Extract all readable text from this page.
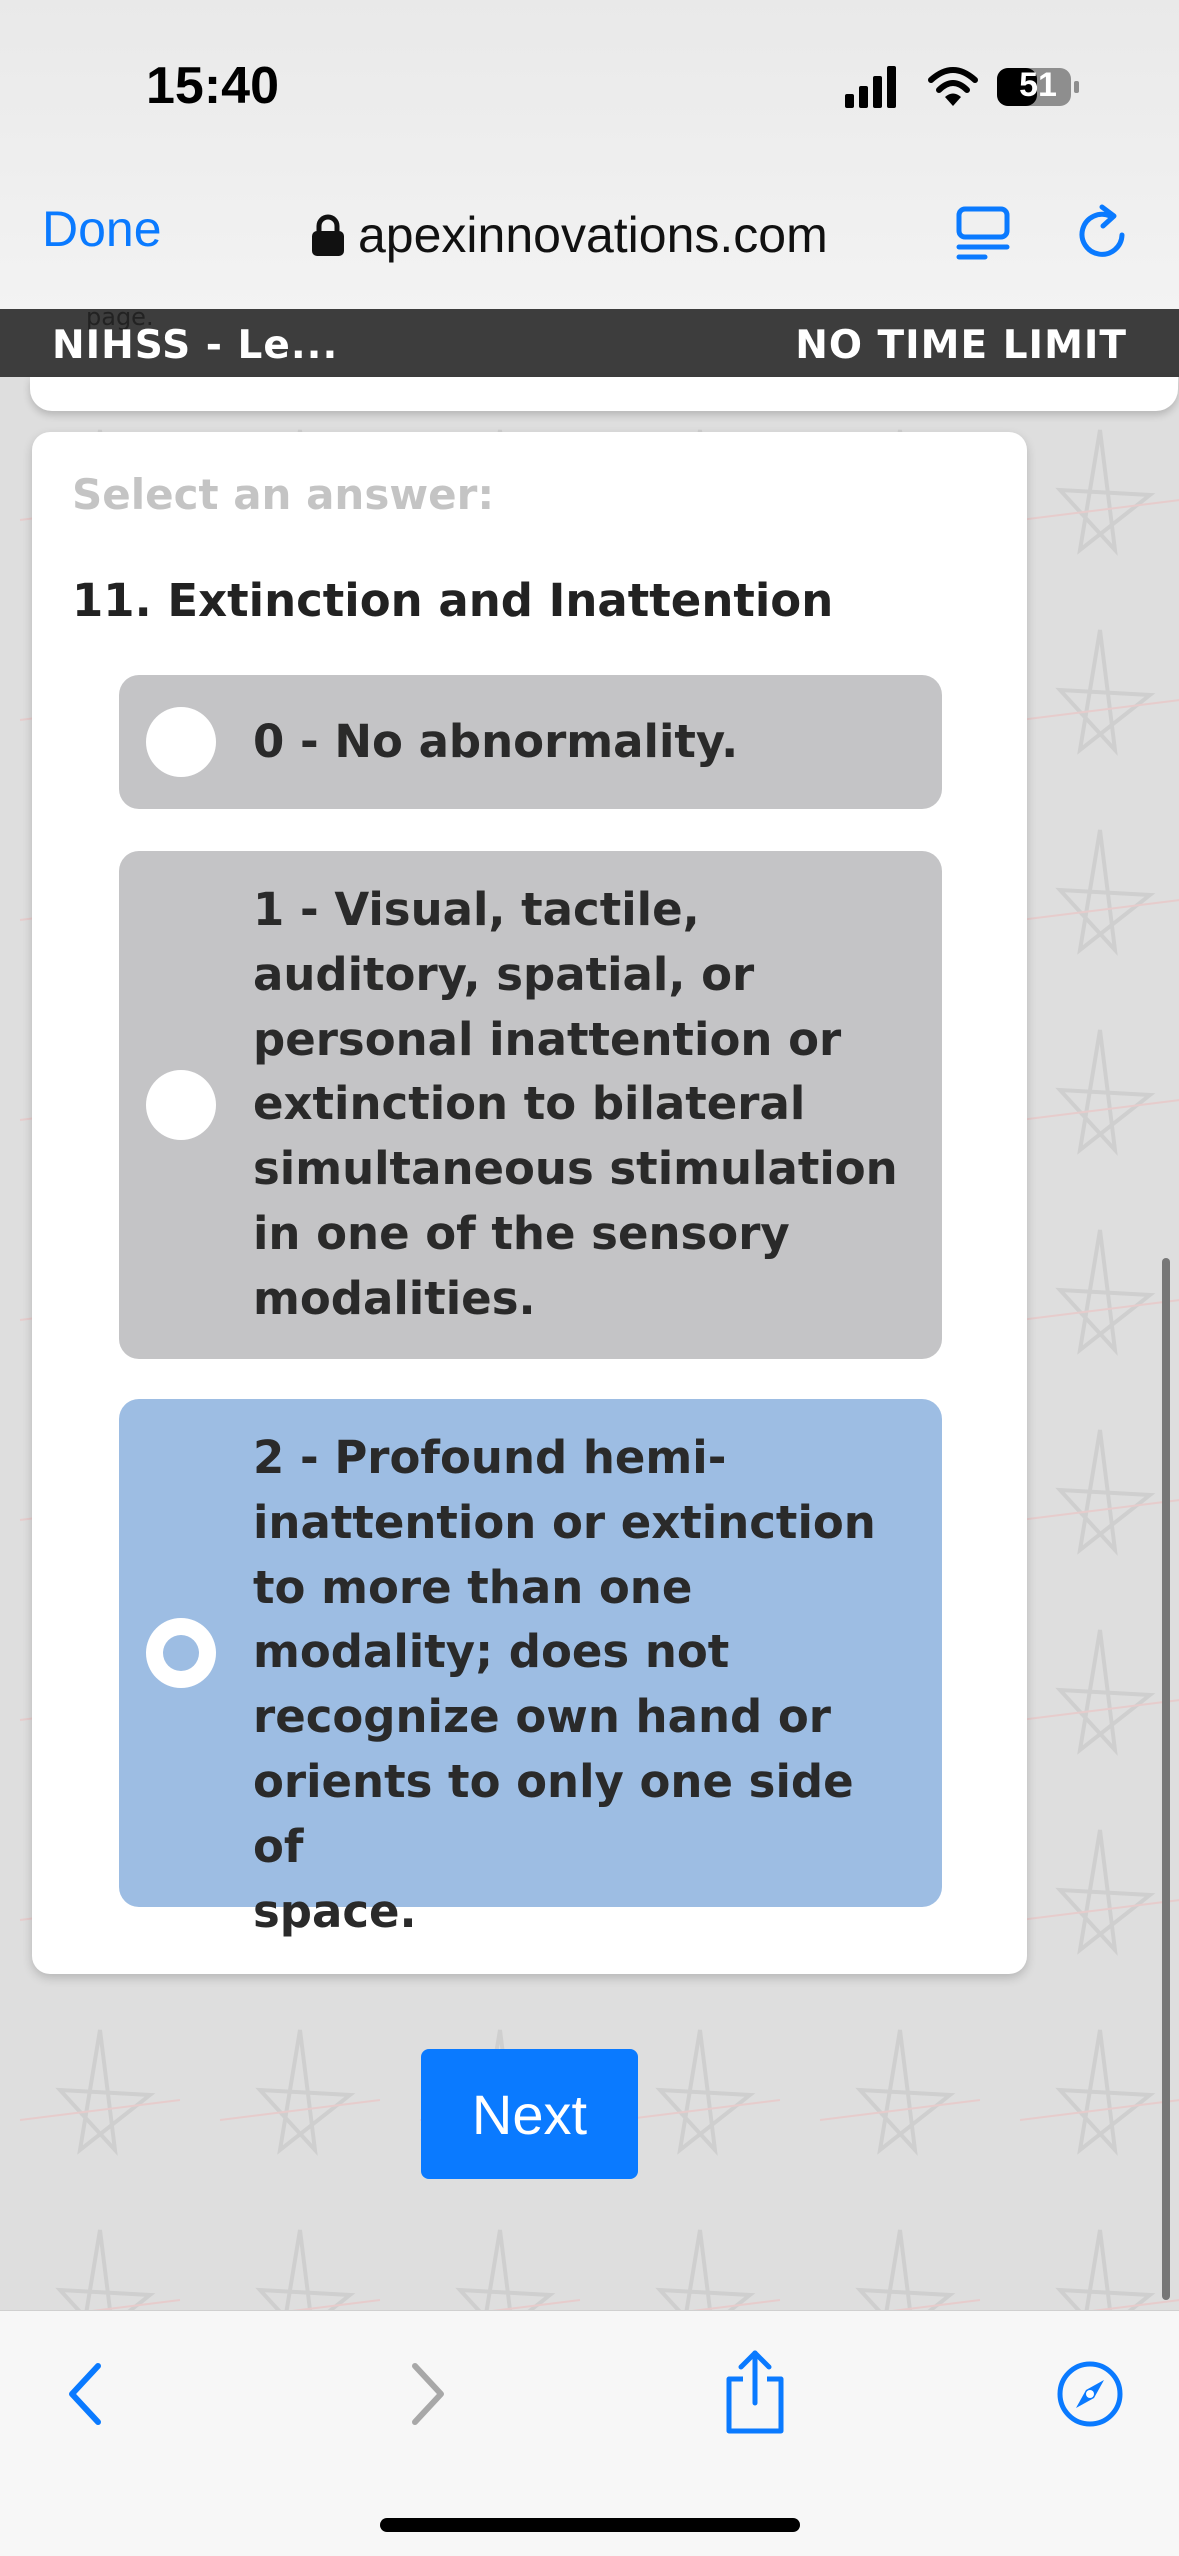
15:40	51
Done	apexinnovations.com
page.
NIHSS - Le...	NO TIME LIMIT
Select an answer:
11. Extinction and Inattention
0 - No abnormality.
1 - Visual, tactile,
auditory, spatial, or
personal inattention or
extinction to bilateral
simultaneous stimulation
in one of the sensory
modalities.
2 - Profound hemi-
inattention or extinction
to more than one
modality; does not
recognize own hand or
orients to only one side of
space.
Next
